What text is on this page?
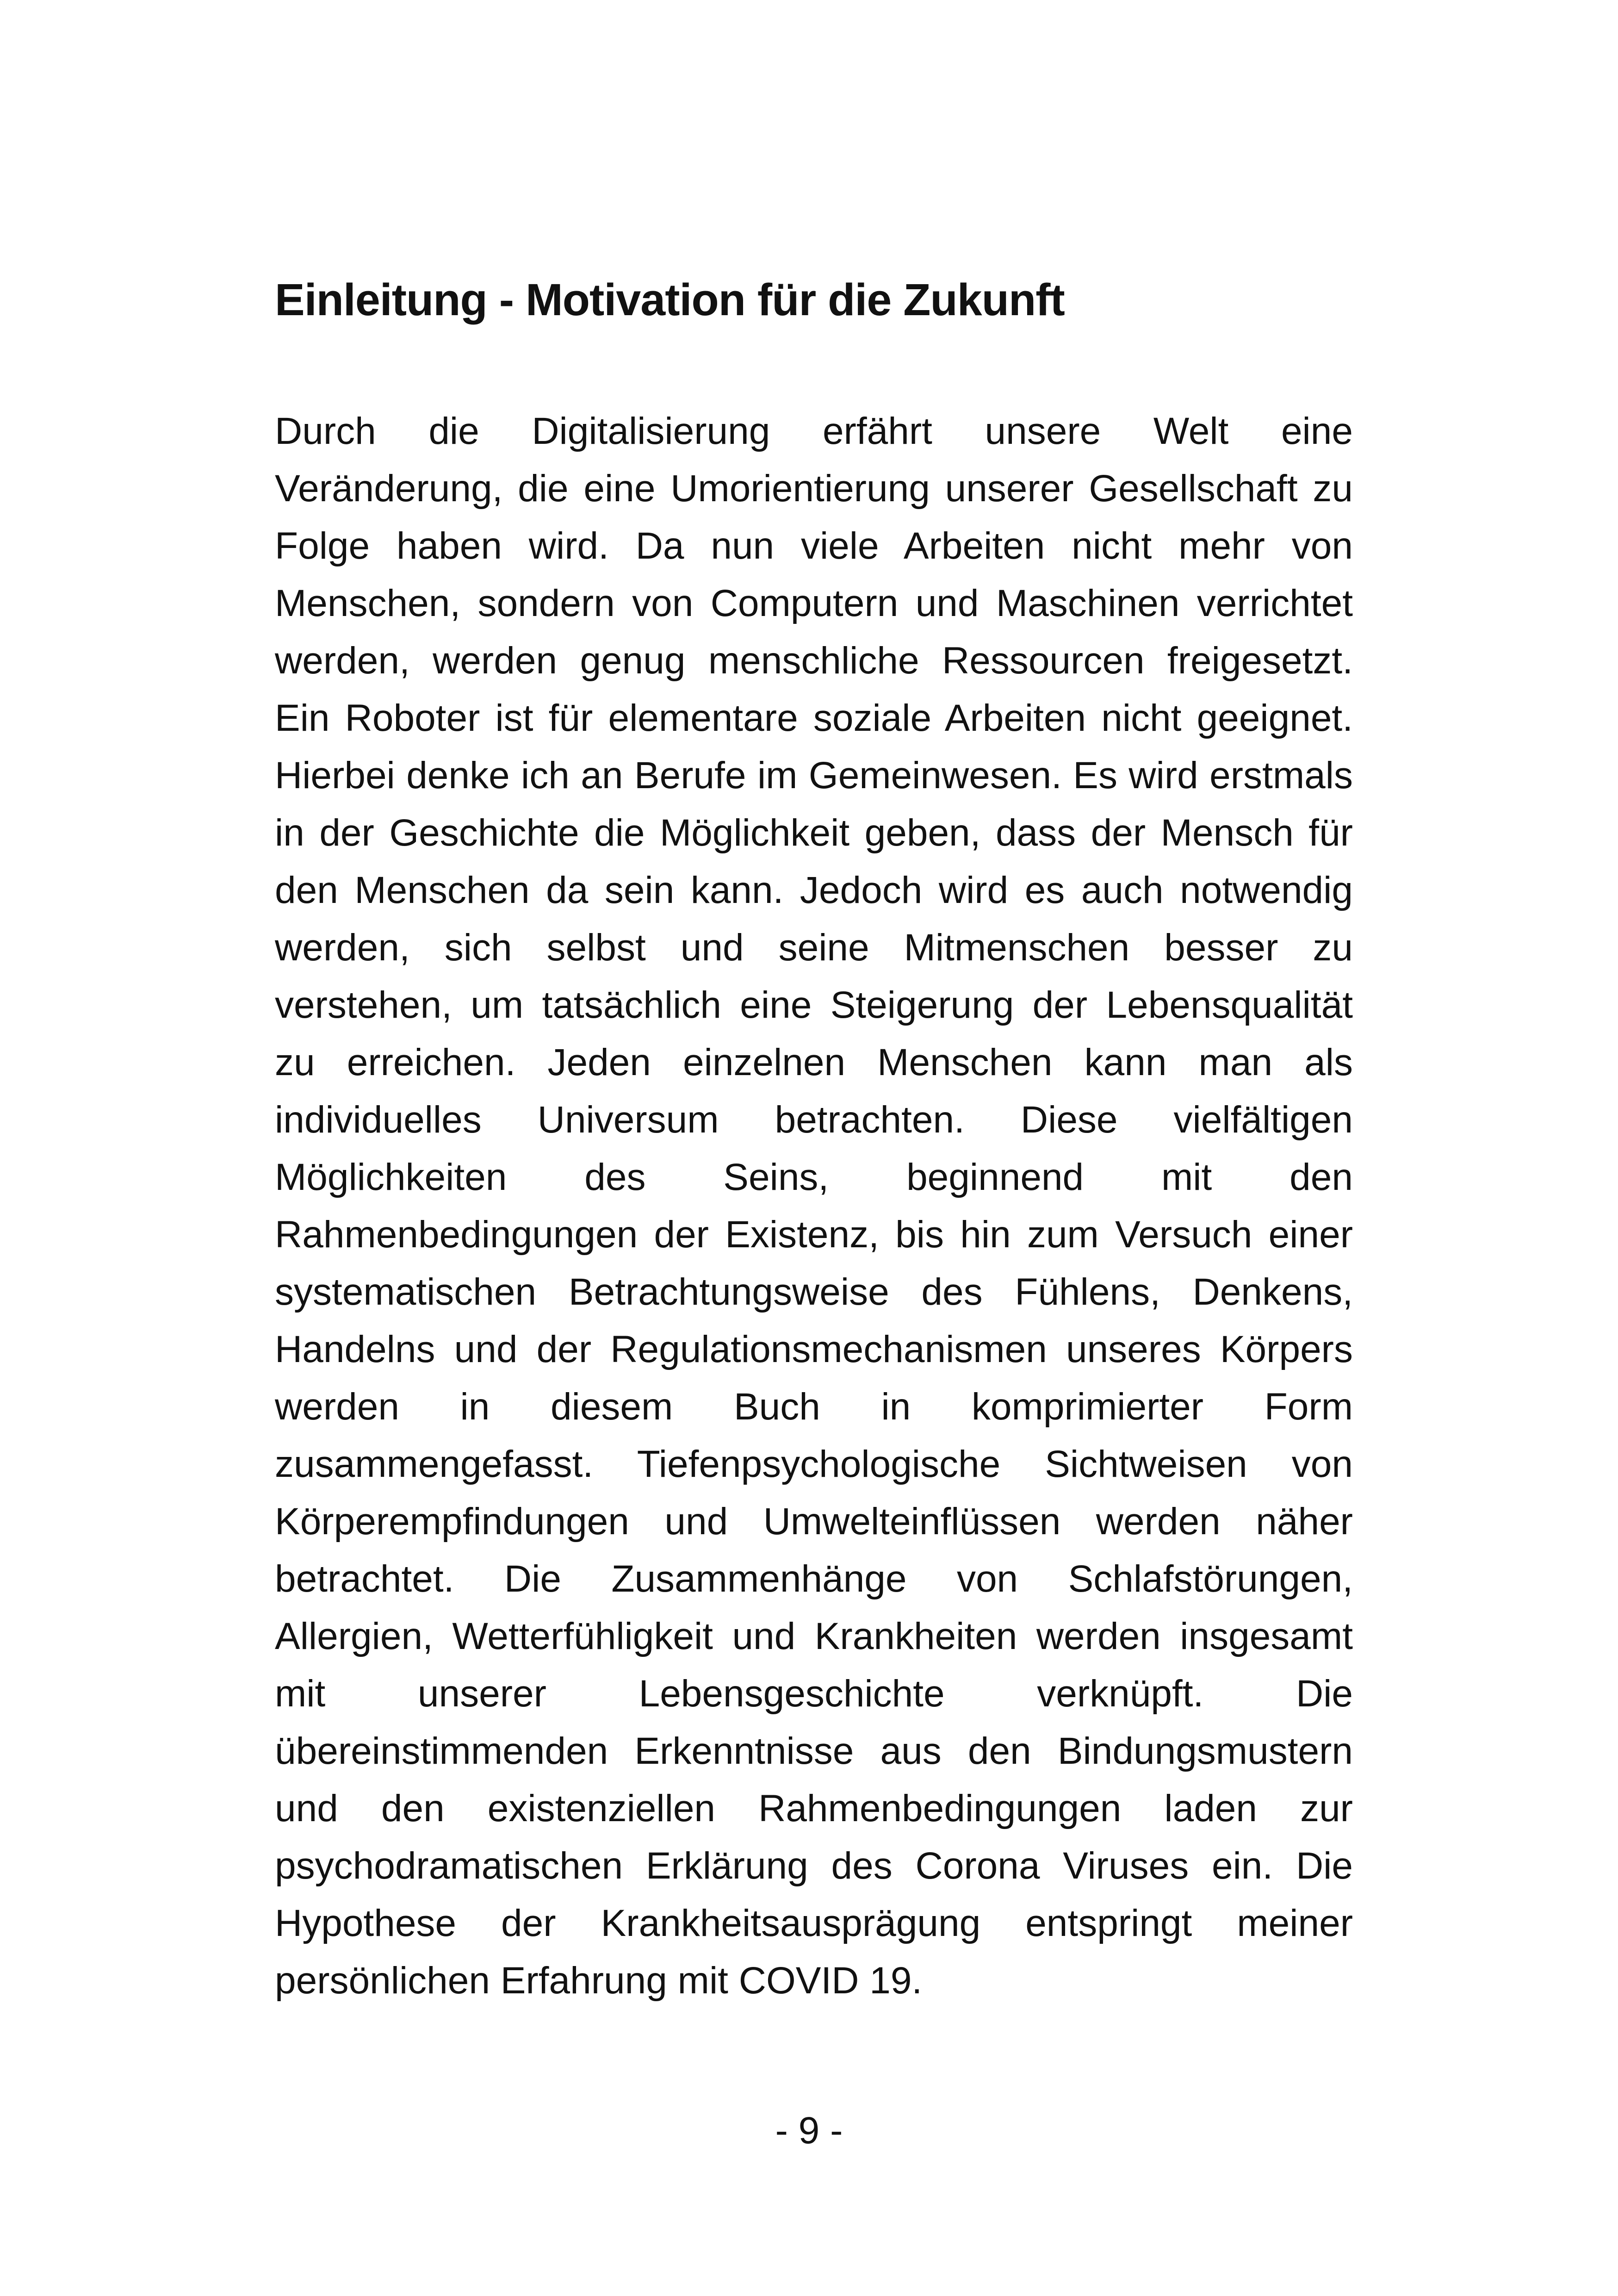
Einleitung - Motivation für die Zukunft
Durch die Digitalisierung erfährt unsere Welt eine
Veränderung, die eine Umorientierung unserer Gesellschaft zu
Folge haben wird. Da nun viele Arbeiten nicht mehr von
Menschen, sondern von Computern und Maschinen verrichtet
werden, werden genug menschliche Ressourcen freigesetzt.
Ein Roboter ist für elementare soziale Arbeiten nicht geeignet.
Hierbei denke ich an Berufe im Gemeinwesen. Es wird erstmals
in der Geschichte die Möglichkeit geben, dass der Mensch für
den Menschen da sein kann. Jedoch wird es auch notwendig
werden, sich selbst und seine Mitmenschen besser zu
verstehen, um tatsächlich eine Steigerung der Lebensqualität
zu erreichen. Jeden einzelnen Menschen kann man als
individuelles Universum betrachten. Diese vielfältigen
Möglichkeiten des Seins, beginnend mit den
Rahmenbedingungen der Existenz, bis hin zum Versuch einer
systematischen Betrachtungsweise des Fühlens, Denkens,
Handelns und der Regulationsmechanismen unseres Körpers
werden in diesem Buch in komprimierter Form
zusammengefasst. Tiefenpsychologische Sichtweisen von
Körperempfindungen und Umwelteinflüssen werden näher
betrachtet. Die Zusammenhänge von Schlafstörungen,
Allergien, Wetterfühligkeit und Krankheiten werden insgesamt
mit unserer Lebensgeschichte verknüpft. Die
übereinstimmenden Erkenntnisse aus den Bindungsmustern
und den existenziellen Rahmenbedingungen laden zur
psychodramatischen Erklärung des Corona Viruses ein. Die
Hypothese der Krankheitsausprägung entspringt meiner
persönlichen Erfahrung mit COVID 19.
- 9 -
